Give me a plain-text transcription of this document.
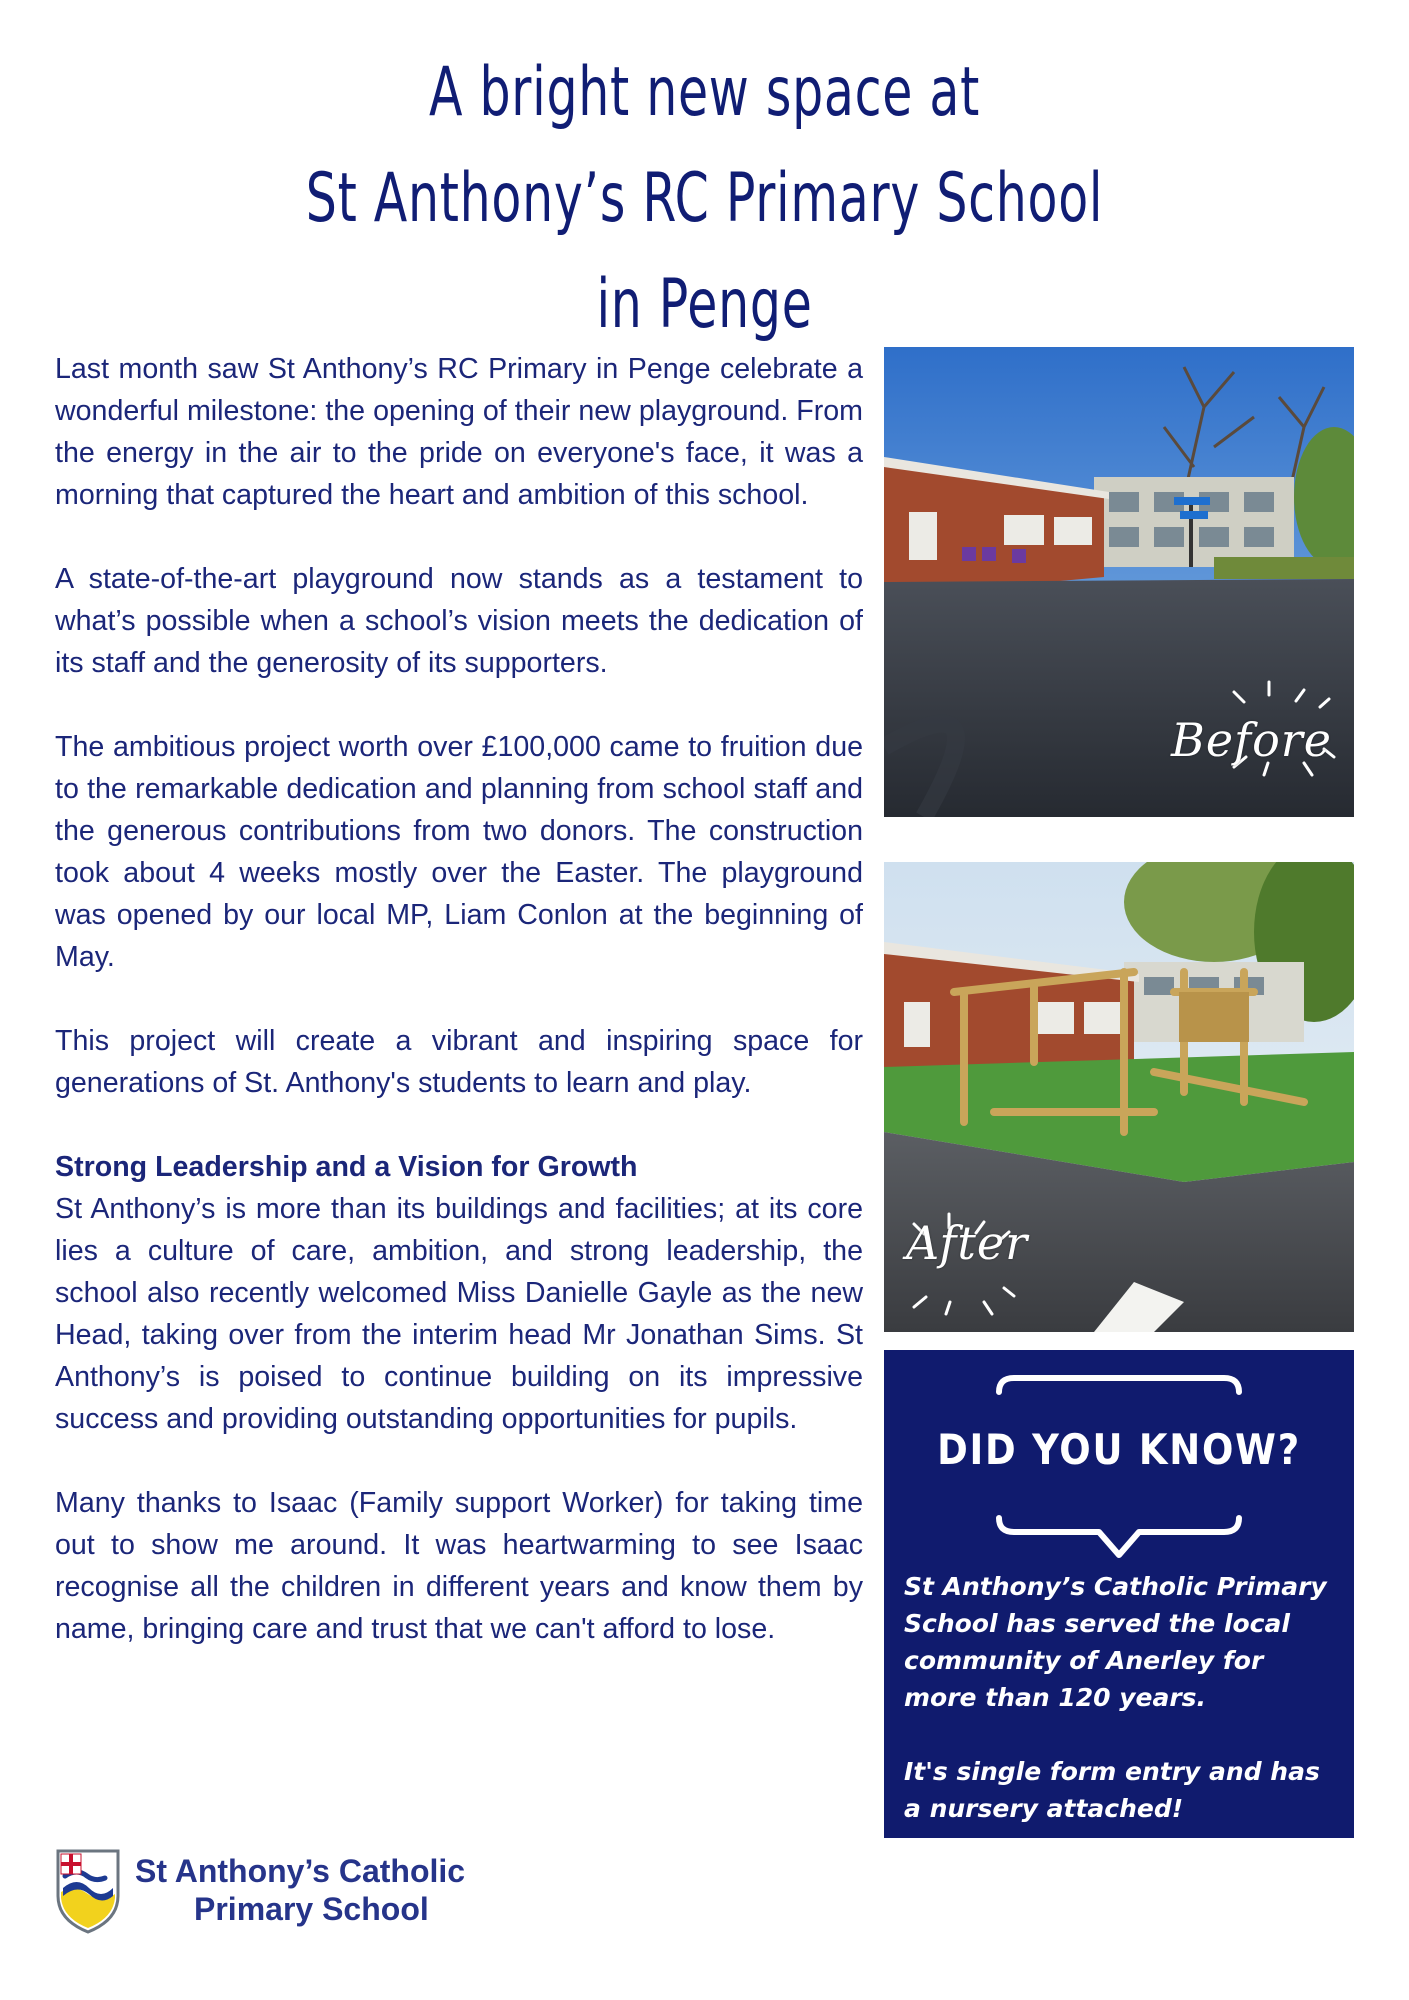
A bright new space at
St Anthony’s RC Primary School
in Penge

Last month saw St Anthony’s RC Primary in Penge celebrate a wonderful milestone: the opening of their new playground. From the energy in the air to the pride on everyone's face, it was a morning that captured the heart and ambition of this school.

A state-of-the-art playground now stands as a testament to what’s possible when a school’s vision meets the dedication of its staff and the generosity of its supporters.

The ambitious project worth over £100,000 came to fruition due to the remarkable dedication and planning from school staff and the generous contributions from two donors. The construction took about 4 weeks mostly over the Easter. The playground was opened by our local MP, Liam Conlon at the beginning of May.

This project will create a vibrant and inspiring space for generations of St. Anthony's students to learn and play.

Strong Leadership and a Vision for Growth
St Anthony’s is more than its buildings and facilities; at its core lies a culture of care, ambition, and strong leadership, the school also recently welcomed Miss Danielle Gayle as the new Head, taking over from the interim head Mr Jonathan Sims. St Anthony’s is poised to continue building on its impressive success and providing outstanding opportunities for pupils.

Many thanks to Isaac (Family support Worker) for taking time out to show me around. It was heartwarming to see Isaac recognise all the children in different years and know them by name, bringing care and trust that we can't afford to lose.

Before
After
DID YOU KNOW?

St Anthony’s Catholic Primary School has served the local community of Anerley for more than 120 years.

It's single form entry and has a nursery attached!

St Anthony’s Catholic
Primary School
